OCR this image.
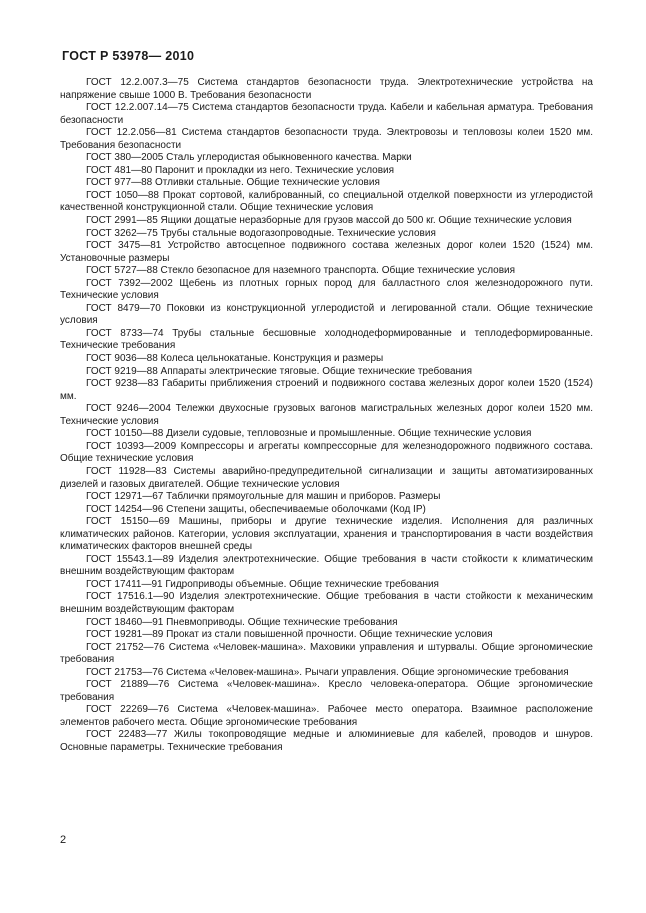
ГОСТ Р 53978— 2010
ГОСТ 12.2.007.3—75 Система стандартов безопасности труда. Электротехнические устройства на напряжение свыше 1000 В. Требования безопасности
ГОСТ 12.2.007.14—75 Система стандартов безопасности труда. Кабели и кабельная арматура. Требования безопасности
ГОСТ 12.2.056—81 Система стандартов безопасности труда. Электровозы и тепловозы колеи 1520 мм. Требования безопасности
ГОСТ 380—2005 Сталь углеродистая обыкновенного качества. Марки
ГОСТ 481—80 Паронит и прокладки из него. Технические условия
ГОСТ 977—88 Отливки стальные. Общие технические условия
ГОСТ 1050—88 Прокат сортовой, калиброванный, со специальной отделкой поверхности из углеродистой качественной конструкционной стали. Общие технические условия
ГОСТ 2991—85 Ящики дощатые неразборные для грузов массой до 500 кг. Общие технические условия
ГОСТ 3262—75 Трубы стальные водогазопроводные. Технические условия
ГОСТ 3475—81 Устройство автосцепное подвижного состава железных дорог колеи 1520 (1524) мм. Установочные размеры
ГОСТ 5727—88 Стекло безопасное для наземного транспорта. Общие технические условия
ГОСТ 7392—2002 Щебень из плотных горных пород для балластного слоя железнодорожного пути. Технические условия
ГОСТ 8479—70 Поковки из конструкционной углеродистой и легированной стали. Общие технические условия
ГОСТ 8733—74 Трубы стальные бесшовные холоднодеформированные и теплодеформированные. Технические требования
ГОСТ 9036—88 Колеса цельнокатаные. Конструкция и размеры
ГОСТ 9219—88 Аппараты электрические тяговые. Общие технические требования
ГОСТ 9238—83 Габариты приближения строений и подвижного состава железных дорог колеи 1520 (1524) мм.
ГОСТ 9246—2004 Тележки двухосные грузовых вагонов магистральных железных дорог колеи 1520 мм. Технические условия
ГОСТ 10150—88 Дизели судовые, тепловозные и промышленные. Общие технические условия
ГОСТ 10393—2009 Компрессоры и агрегаты компрессорные для железнодорожного подвижного состава. Общие технические условия
ГОСТ 11928—83 Системы аварийно-предупредительной сигнализации и защиты автоматизированных дизелей и газовых двигателей. Общие технические условия
ГОСТ 12971—67 Таблички прямоугольные для машин и приборов. Размеры
ГОСТ 14254—96 Степени защиты, обеспечиваемые оболочками (Код IP)
ГОСТ 15150—69 Машины, приборы и другие технические изделия. Исполнения для различных климатических районов. Категории, условия эксплуатации, хранения и транспортирования в части воздействия климатических факторов внешней среды
ГОСТ 15543.1—89 Изделия электротехнические. Общие требования в части стойкости к климатическим внешним воздействующим факторам
ГОСТ 17411—91 Гидроприводы объемные. Общие технические требования
ГОСТ 17516.1—90 Изделия электротехнические. Общие требования в части стойкости к механическим внешним воздействующим факторам
ГОСТ 18460—91 Пневмоприводы. Общие технические требования
ГОСТ 19281—89 Прокат из стали повышенной прочности. Общие технические условия
ГОСТ 21752—76 Система «Человек-машина». Маховики управления и штурвалы. Общие эргономические требования
ГОСТ 21753—76 Система «Человек-машина». Рычаги управления. Общие эргономические требования
ГОСТ 21889—76 Система «Человек-машина». Кресло человека-оператора. Общие эргономические требования
ГОСТ 22269—76 Система «Человек-машина». Рабочее место оператора. Взаимное расположение элементов рабочего места. Общие эргономические требования
ГОСТ 22483—77 Жилы токопроводящие медные и алюминиевые для кабелей, проводов и шнуров. Основные параметры. Технические требования
2
